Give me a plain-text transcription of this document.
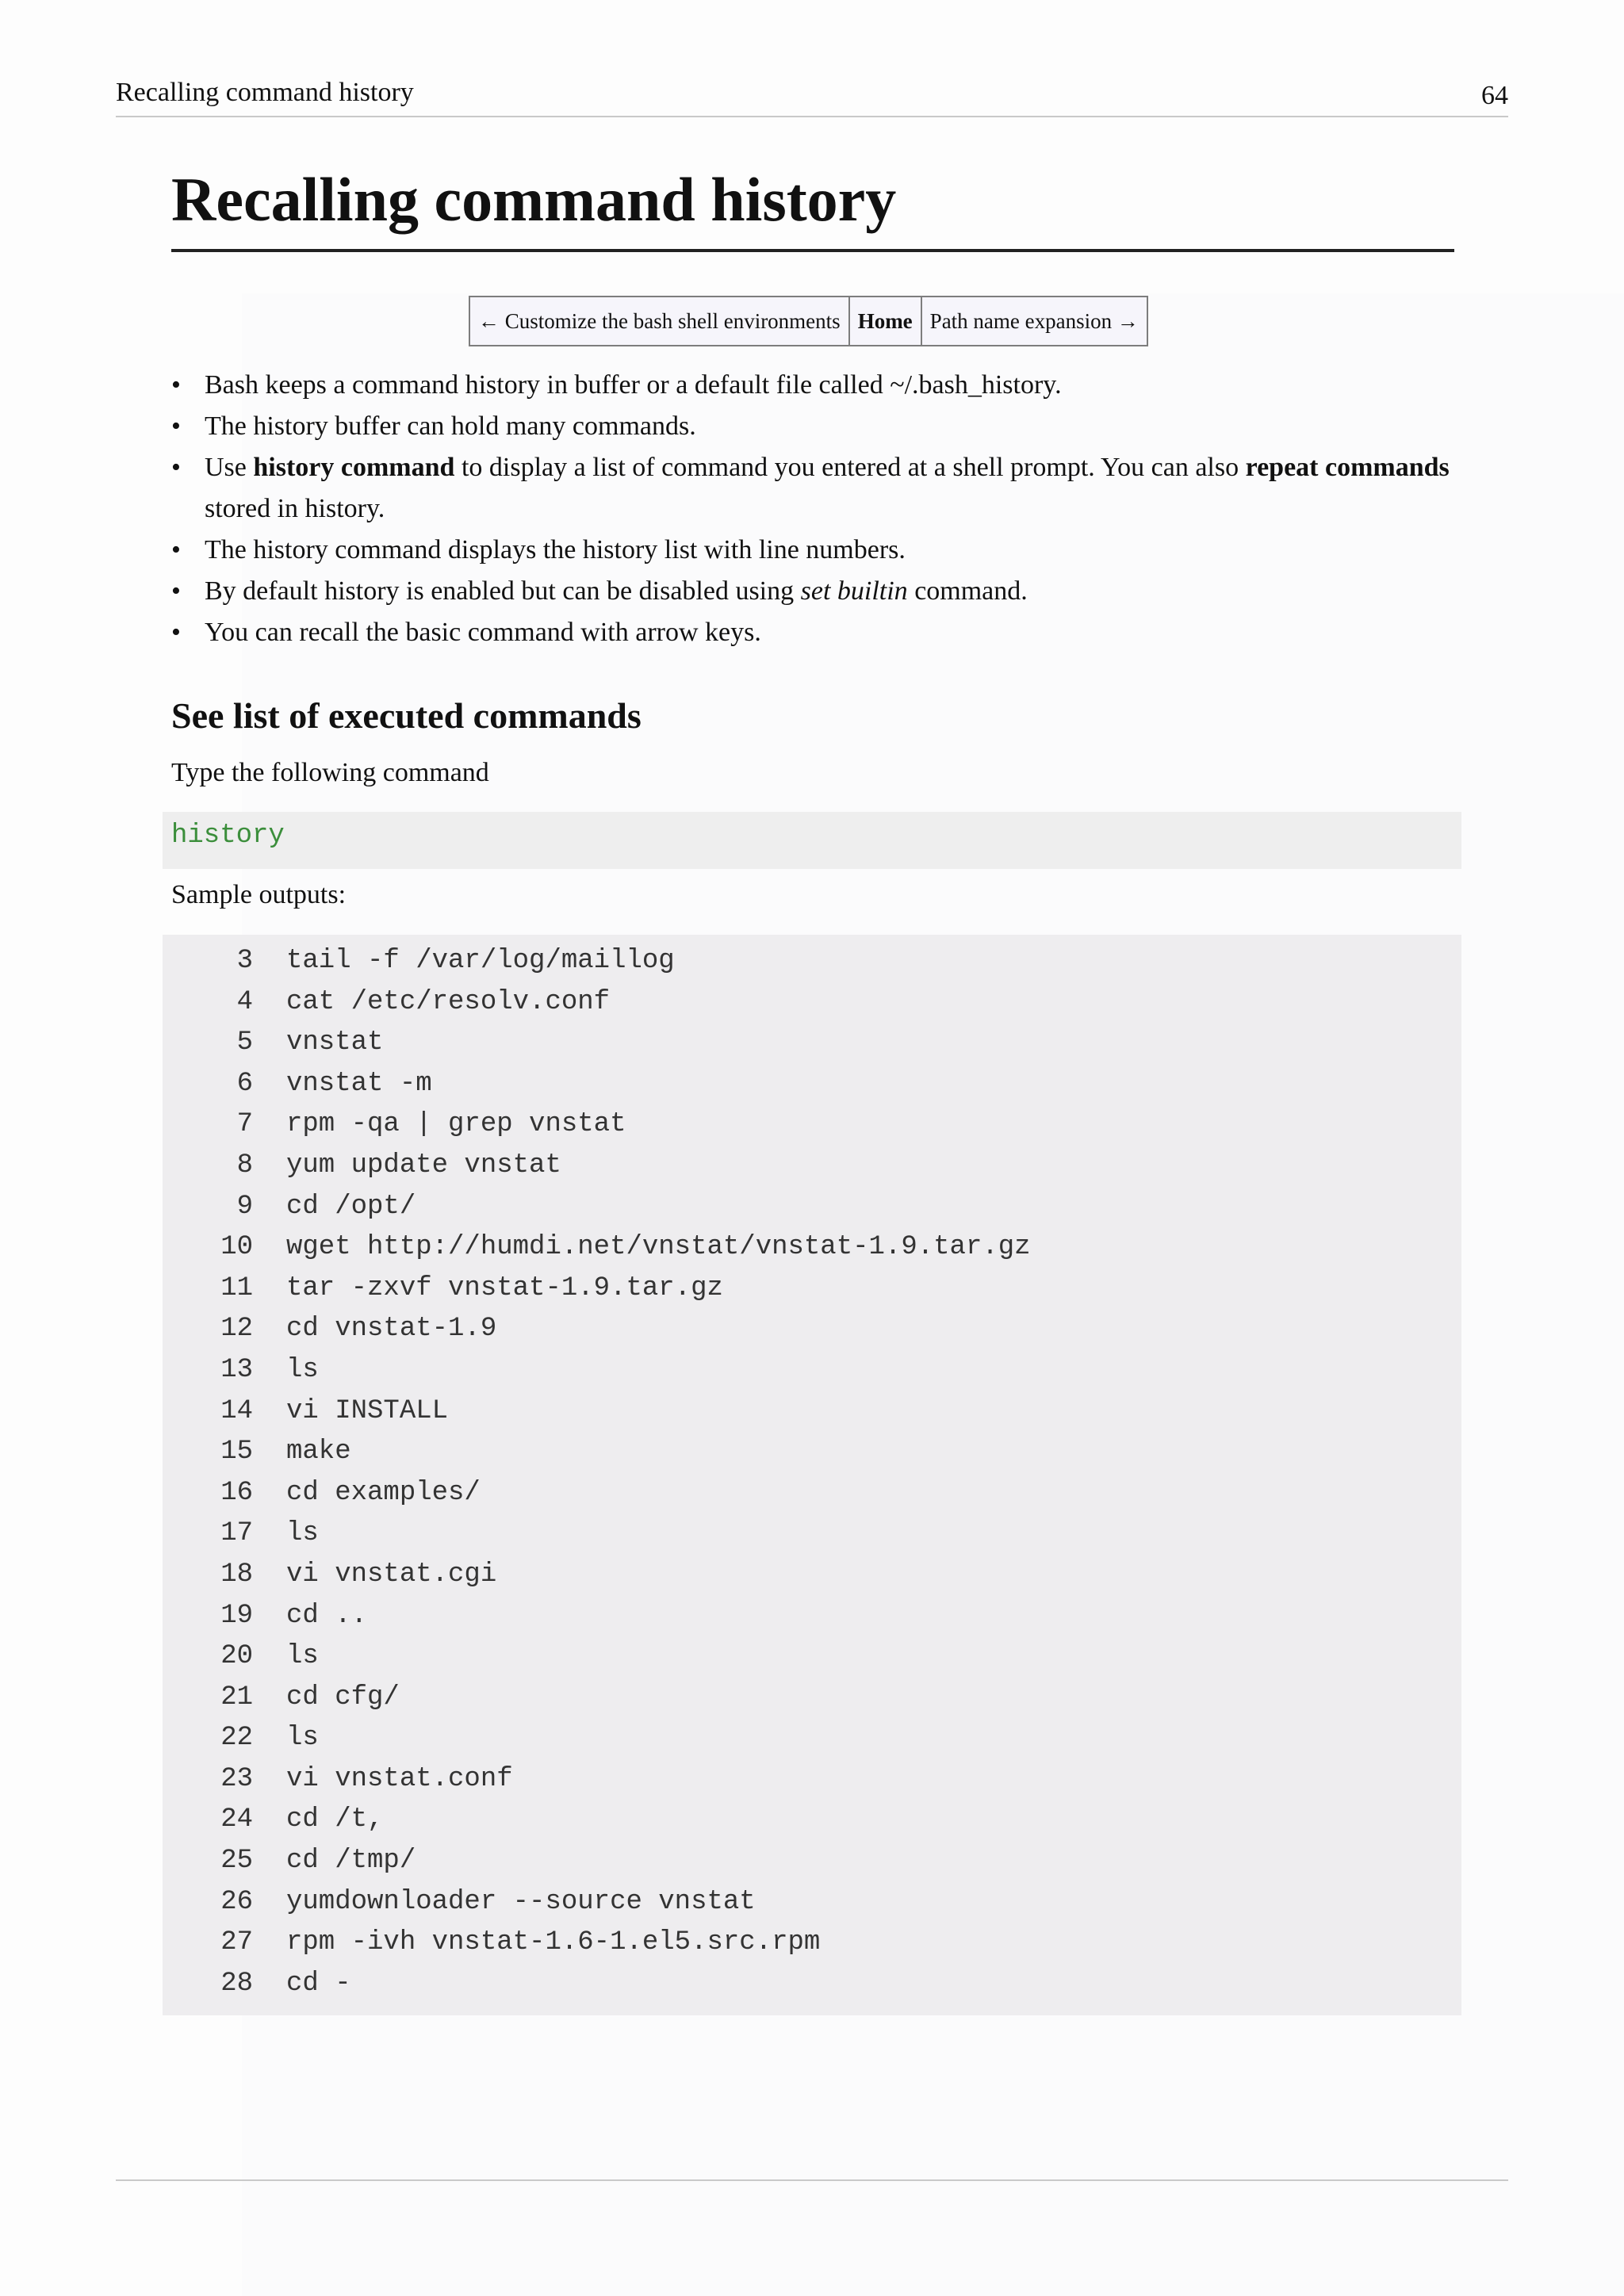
Recalling command history	64
Recalling command history
← Customize the bash shell environments	Home	Path name expansion →
• Bash keeps a command history in buffer or a default file called ~/.bash_history.
• The history buffer can hold many commands.
• Use history command to display a list of command you entered at a shell prompt. You can also repeat commands stored in history.
• The history command displays the history list with line numbers.
• By default history is enabled but can be disabled using set builtin command.
• You can recall the basic command with arrow keys.
See list of executed commands
Type the following command
history
Sample outputs:
3 tail -f /var/log/maillog
4 cat /etc/resolv.conf
5 vnstat
6 vnstat -m
7 rpm -qa | grep vnstat
8 yum update vnstat
9 cd /opt/
10 wget http://humdi.net/vnstat/vnstat-1.9.tar.gz
11 tar -zxvf vnstat-1.9.tar.gz
12 cd vnstat-1.9
13 ls
14 vi INSTALL
15 make
16 cd examples/
17 ls
18 vi vnstat.cgi
19 cd ..
20 ls
21 cd cfg/
22 ls
23 vi vnstat.conf
24 cd /t,
25 cd /tmp/
26 yumdownloader --source vnstat
27 rpm -ivh vnstat-1.6-1.el5.src.rpm
28 cd -
